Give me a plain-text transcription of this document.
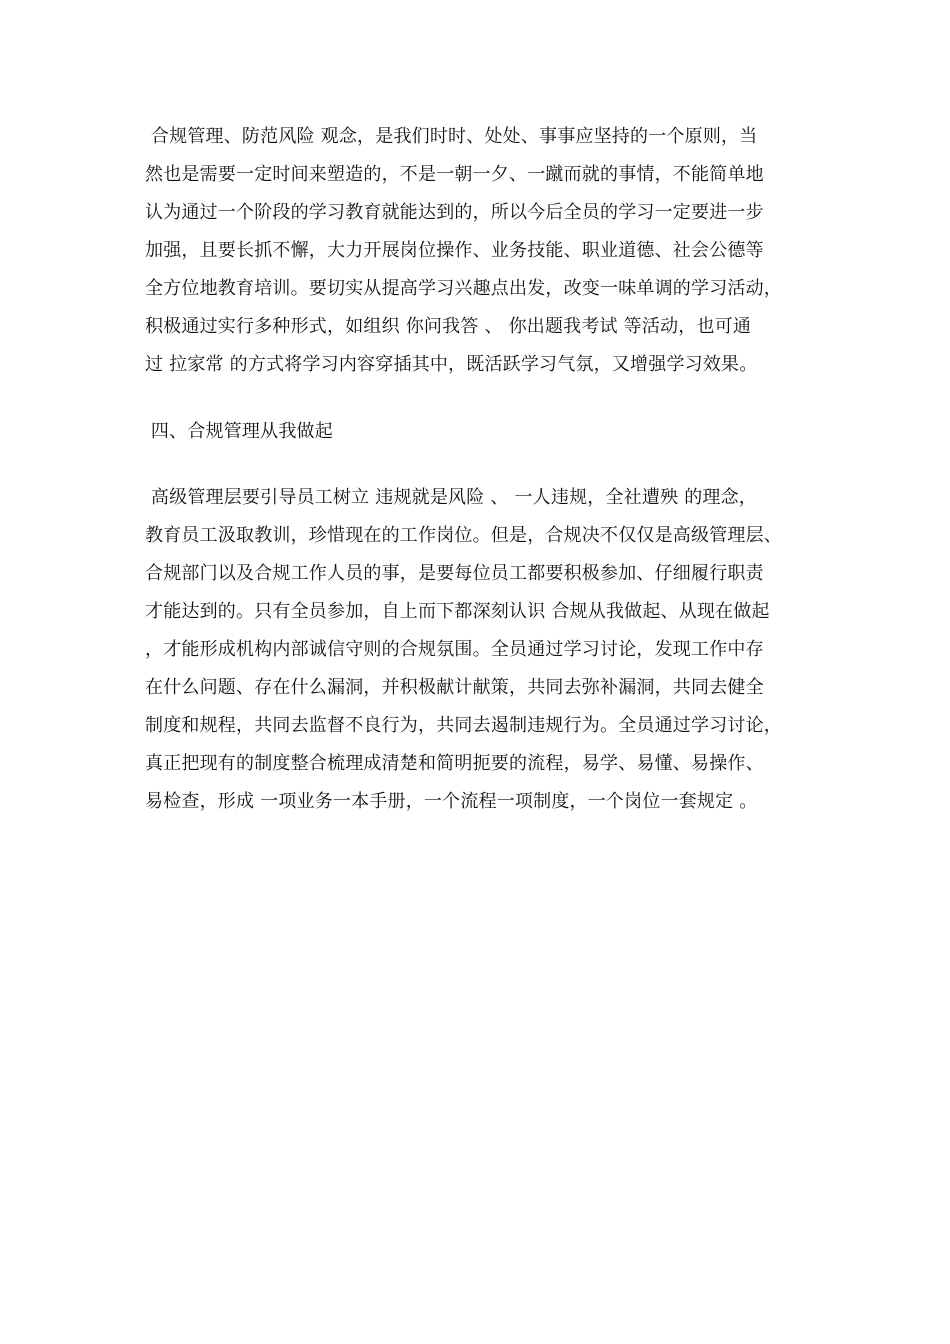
合规管理、防范风险 观念，是我们时时、处处、事事应坚持的一个原则，当
然也是需要一定时间来塑造的，不是一朝一夕、一蹴而就的事情，不能简单地
认为通过一个阶段的学习教育就能达到的，所以今后全员的学习一定要进一步
加强，且要长抓不懈，大力开展岗位操作、业务技能、职业道德、社会公德等
全方位地教育培训。要切实从提高学习兴趣点出发，改变一味单调的学习活动，
积极通过实行多种形式，如组织 你问我答 、 你出题我考试 等活动，也可通
过 拉家常 的方式将学习内容穿插其中，既活跃学习气氛，又增强学习效果。
四、合规管理从我做起
高级管理层要引导员工树立 违规就是风险 、 一人违规，全社遭殃 的理念，
教育员工汲取教训，珍惜现在的工作岗位。但是，合规决不仅仅是高级管理层、
合规部门以及合规工作人员的事，是要每位员工都要积极参加、仔细履行职责
才能达到的。只有全员参加，自上而下都深刻认识 合规从我做起、从现在做起
，才能形成机构内部诚信守则的合规氛围。全员通过学习讨论，发现工作中存
在什么问题、存在什么漏洞，并积极献计献策，共同去弥补漏洞，共同去健全
制度和规程，共同去监督不良行为，共同去遏制违规行为。全员通过学习讨论，
真正把现有的制度整合梳理成清楚和简明扼要的流程，易学、易懂、易操作、
易检查，形成 一项业务一本手册，一个流程一项制度，一个岗位一套规定 。
